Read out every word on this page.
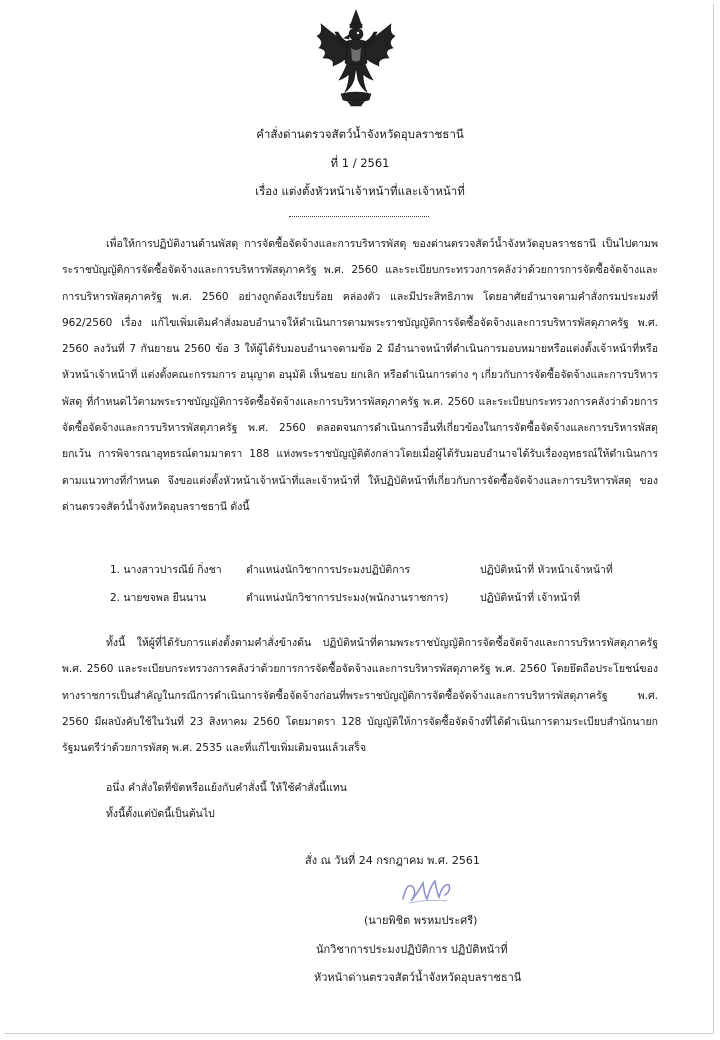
คำสั่งด่านตรวจสัตว์น้ำจังหวัดอุบลราชธานี
ที่ 1 / 2561
เรื่อง แต่งตั้งหัวหน้าเจ้าหน้าที่และเจ้าหน้าที่

เพื่อให้การปฏิบัติงานด้านพัสดุ การจัดซื้อจัดจ้างและการบริหารพัสดุ ของด่านตรวจสัตว์น้ำจังหวัดอุบลราชธานี เป็นไปตามพระราชบัญญัติการจัดซื้อจัดจ้างและการบริหารพัสดุภาครัฐ พ.ศ. 2560 และระเบียบกระทรวงการคลังว่าด้วยการการจัดซื้อจัดจ้างและการบริหารพัสดุภาครัฐ พ.ศ. 2560 อย่างถูกต้องเรียบร้อย คล่องตัว และมีประสิทธิภาพ โดยอาศัยอำนาจตามคำสั่งกรมประมงที่ 962/2560 เรื่อง แก้ไขเพิ่มเติมคำสั่งมอบอำนาจให้ดำเนินการตามพระราชบัญญัติการจัดซื้อจัดจ้างและการบริหารพัสดุภาครัฐ พ.ศ. 2560 ลงวันที่ 7 กันยายน 2560 ข้อ 3 ให้ผู้ได้รับมอบอำนาจตามข้อ 2 มีอำนาจหน้าที่ดำเนินการมอบหมายหรือแต่งตั้งเจ้าหน้าที่หรือหัวหน้าเจ้าหน้าที่ แต่งตั้งคณะกรรมการ อนุญาต อนุมัติ เห็นชอบ ยกเลิก หรือดำเนินการต่าง ๆ เกี่ยวกับการจัดซื้อจัดจ้างและการบริหารพัสดุ ที่กำหนดไว้ตามพระราชบัญญัติการจัดซื้อจัดจ้างและการบริหารพัสดุภาครัฐ พ.ศ. 2560 และระเบียบกระทรวงการคลังว่าด้วยการจัดซื้อจัดจ้างและการบริหารพัสดุภาครัฐ พ.ศ. 2560 ตลอดจนการดำเนินการอื่นที่เกี่ยวข้องในการจัดซื้อจัดจ้างและการบริหารพัสดุ ยกเว้น การพิจารณาอุทธรณ์ตามมาตรา 188 แห่งพระราชบัญญัติดังกล่าวโดยเมื่อผู้ได้รับมอบอำนาจได้รับเรื่องอุทธรณ์ให้ดำเนินการตามแนวทางที่กำหนด จึงขอแต่งตั้งหัวหน้าเจ้าหน้าที่และเจ้าหน้าที่ ให้ปฏิบัติหน้าที่เกี่ยวกับการจัดซื้อจัดจ้างและการบริหารพัสดุ ของด่านตรวจสัตว์น้ำจังหวัดอุบลราชธานี ดังนี้

1. นางสาวปารณีย์ กิ่งชา ตำแหน่งนักวิชาการประมงปฏิบัติการ	ปฏิบัติหน้าที่ หัวหน้าเจ้าหน้าที่
2. นายขจพล ยืนนาน	ตำแหน่งนักวิชาการประมง(พนักงานราชการ)	ปฏิบัติหน้าที่ เจ้าหน้าที่

ทั้งนี้ ให้ผู้ที่ได้รับการแต่งตั้งตามคำสั่งข้างต้น ปฏิบัติหน้าที่ตามพระราชบัญญัติการจัดซื้อจัดจ้างและการบริหารพัสดุภาครัฐ พ.ศ. 2560 และระเบียบกระทรวงการคลังว่าด้วยการการจัดซื้อจัดจ้างและการบริหารพัสดุภาครัฐ พ.ศ. 2560 โดยยึดถือประโยชน์ของทางราชการเป็นสำคัญในกรณีการดำเนินการจัดซื้อจัดจ้างก่อนที่พระราชบัญญัติการจัดซื้อจัดจ้างและการบริหารพัสดุภาครัฐ พ.ศ. 2560 มีผลบังคับใช้ในวันที่ 23 สิงหาคม 2560 โดยมาตรา 128 บัญญัติให้การจัดซื้อจัดจ้างที่ได้ดำเนินการตามระเบียบสำนักนายกรัฐมนตรีว่าด้วยการพัสดุ พ.ศ. 2535 และที่แก้ไขเพิ่มเติมจนแล้วเสร็จ

อนึ่ง คำสั่งใดที่ขัดหรือแย้งกับคำสั่งนี้ ให้ใช้คำสั่งนี้แทน

ทั้งนี้ตั้งแต่บัดนี้เป็นต้นไป

สั่ง ณ วันที่ 24 กรกฎาคม พ.ศ. 2561
(นายพิชิต พรหมประศรี)
นักวิชาการประมงปฏิบัติการ ปฏิบัติหน้าที่
หัวหน้าด่านตรวจสัตว์น้ำจังหวัดอุบลราชธานี
